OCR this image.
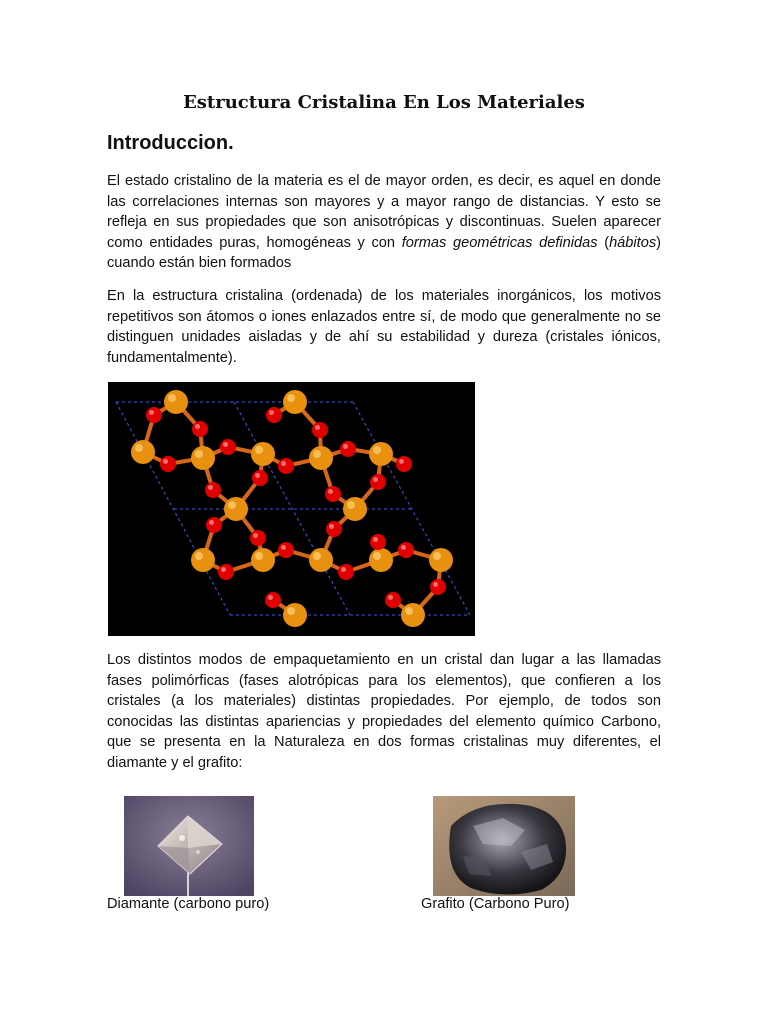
Estructura Cristalina En Los Materiales
Introduccion.

El estado cristalino de la materia es el de mayor orden, es decir, es aquel en donde las correlaciones internas son mayores y a mayor rango de distancias. Y esto se refleja en sus propiedades que son anisotrópicas y discontinuas. Suelen aparecer como entidades puras, homogéneas y con formas geométricas definidas (hábitos) cuando están bien formados

En la estructura cristalina (ordenada) de los materiales inorgánicos, los motivos repetitivos son átomos o iones enlazados entre sí, de modo que generalmente no se distinguen unidades aisladas y de ahí su estabilidad y dureza (cristales iónicos, fundamentalmente).

Los distintos modos de empaquetamiento en un cristal dan lugar a las llamadas fases polimórficas (fases alotrópicas para los elementos), que confieren a los cristales (a los materiales) distintas propiedades. Por ejemplo, de todos son conocidas las distintas apariencias y propiedades del elemento químico Carbono, que se presenta en la Naturaleza en dos formas cristalinas muy diferentes, el diamante y el grafito:

Diamante (carbono puro)	Grafito (Carbono Puro)
